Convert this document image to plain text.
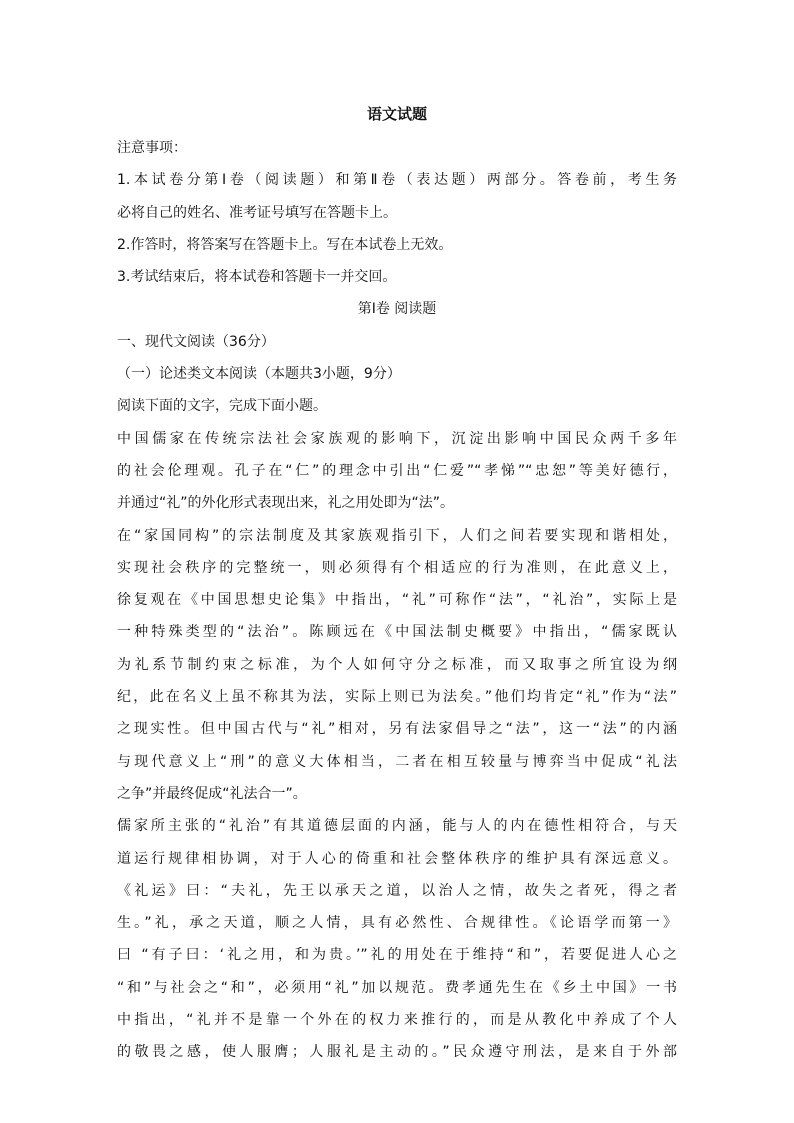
语文试题
注意事项：
1.本试卷分第Ⅰ卷（阅读题）和第Ⅱ卷（表达题）两部分。答卷前，考生务
必将自己的姓名、准考证号填写在答题卡上。
2.作答时，将答案写在答题卡上。写在本试卷上无效。
3.考试结束后，将本试卷和答题卡一并交回。
第Ⅰ卷 阅读题
一、现代文阅读（36分）
（一）论述类文本阅读（本题共3小题，9分）
阅读下面的文字，完成下面小题。
中国儒家在传统宗法社会家族观的影响下，沉淀出影响中国民众两千多年
的社会伦理观。孔子在“仁”的理念中引出“仁爱”“孝悌”“忠恕”等美好德行，
并通过“礼”的外化形式表现出来，礼之用处即为“法”。
在“家国同构”的宗法制度及其家族观指引下，人们之间若要实现和谐相处，
实现社会秩序的完整统一，则必须得有个相适应的行为准则，在此意义上，
徐复观在《中国思想史论集》中指出，“礼”可称作“法”，“礼治”，实际上是
一种特殊类型的“法治”。陈顾远在《中国法制史概要》中指出，“儒家既认
为礼系节制约束之标准，为个人如何守分之标准，而又取事之所宜设为纲
纪，此在名义上虽不称其为法，实际上则已为法矣。”他们均肯定“礼”作为“法”
之现实性。但中国古代与“礼”相对，另有法家倡导之“法”，这一“法”的内涵
与现代意义上“刑”的意义大体相当，二者在相互较量与博弈当中促成“礼法
之争”并最终促成“礼法合一”。
儒家所主张的“礼治”有其道德层面的内涵，能与人的内在德性相符合，与天
道运行规律相协调，对于人心的倚重和社会整体秩序的维护具有深远意义。
《礼运》曰：“夫礼，先王以承天之道，以治人之情，故失之者死，得之者
生。”礼，承之天道，顺之人情，具有必然性、合规律性。《论语学而第一》
曰 “有子曰：‘礼之用，和为贵。’”礼的用处在于维持“和”，若要促进人心之
“和”与社会之“和”，必须用“礼”加以规范。费孝通先生在《乡土中国》一书
中指出，“礼并不是靠一个外在的权力来推行的，而是从教化中养成了个人
的敬畏之感，使人服膺；人服礼是主动的。”民众遵守刑法，是来自于外部
